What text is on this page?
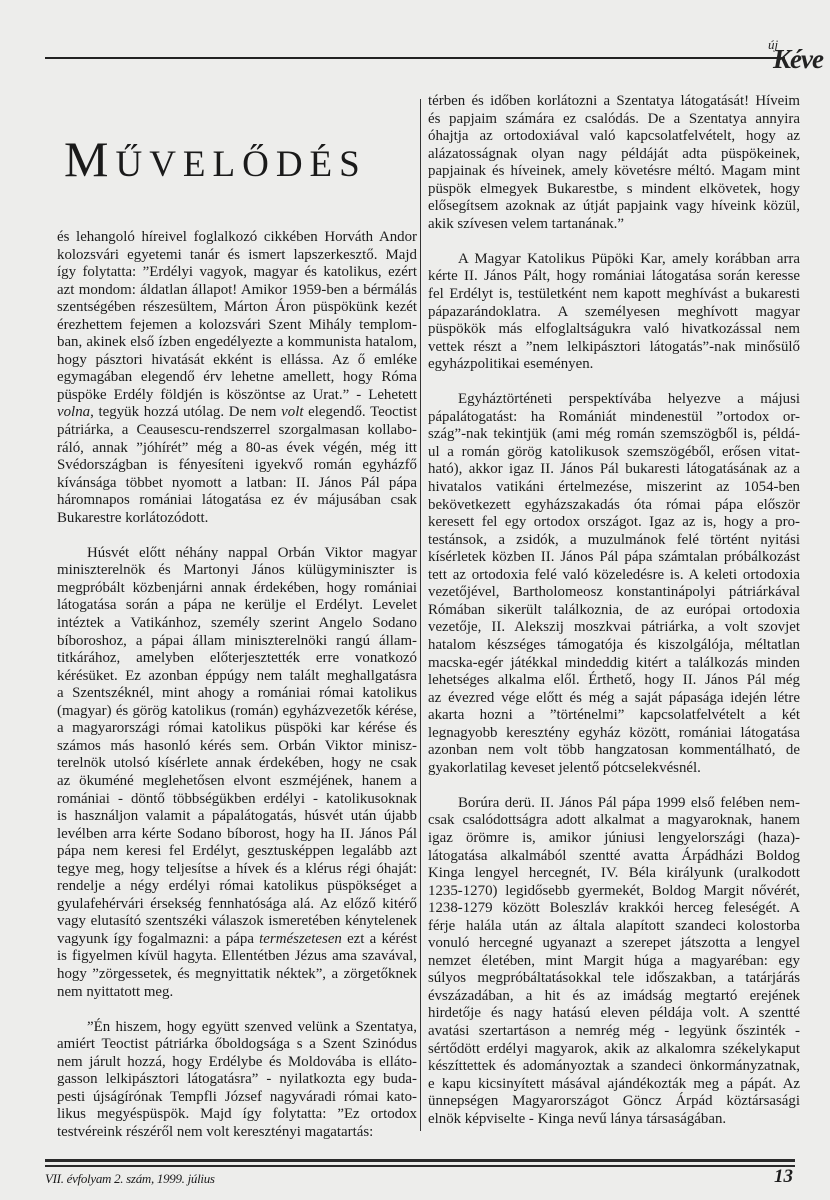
új
Kéve
MŰVELŐDÉS
és lehangoló híreivel foglalkozó cikkében Horváth Andor
kolozsvári egyetemi tanár és ismert lapszerkesztő. Majd
így folytatta: ”Erdélyi vagyok, magyar és katolikus, ezért
azt mondom: áldatlan állapot! Amikor 1959-ben a bérmálás
szentségében részesültem, Márton Áron püspökünk kezét
érezhettem fejemen a kolozsvári Szent Mihály templom-
ban, akinek első ízben engedélyezte a kommunista hatalom,
hogy pásztori hivatását ekként is ellássa. Az ő emléke
egymagában elegendő érv lehetne amellett, hogy Róma
püspöke Erdély földjén is köszöntse az Urat.” - Lehetett
volna, tegyük hozzá utólag. De nem volt elegendő. Teoctist
pátriárka, a Ceausescu-rendszerrel szorgalmasan kollabo-
ráló, annak ”jóhírét” még a 80-as évek végén, még itt
Svédországban is fényesíteni igyekvő román egyházfő
kívánsága többet nyomott a latban: II. János Pál pápa
háromnapos romániai látogatása ez év májusában csak
Bukarestre korlátozódott.
Húsvét előtt néhány nappal Orbán Viktor magyar
miniszterelnök és Martonyi János külügyminiszter is
megpróbált közbenjárni annak érdekében, hogy romániai
látogatása során a pápa ne kerülje el Erdélyt. Levelet
intéztek a Vatikánhoz, személy szerint Angelo Sodano
bíboroshoz, a pápai állam miniszterelnöki rangú állam-
titkárához, amelyben előterjesztették erre vonatkozó
kérésüket. Ez azonban éppúgy nem talált meghallgatásra
a Szentszéknél, mint ahogy a romániai római katolikus
(magyar) és görög katolikus (román) egyházvezetők kérése,
a magyarországi római katolikus püspöki kar kérése és
számos más hasonló kérés sem. Orbán Viktor minisz-
terelnök utolsó kísérlete annak érdekében, hogy ne csak
az ökuméné meglehetősen elvont eszméjének, hanem a
romániai - döntő többségükben erdélyi - katolikusoknak
is használjon valamit a pápalátogatás, húsvét után újabb
levélben arra kérte Sodano bíborost, hogy ha II. János Pál
pápa nem keresi fel Erdélyt, gesztusképpen legalább azt
tegye meg, hogy teljesítse a hívek és a klérus régi óhaját:
rendelje a négy erdélyi római katolikus püspökséget a
gyulafehérvári érsekség fennhatósága alá. Az előző kitérő
vagy elutasító szentszéki válaszok ismeretében kénytelenek
vagyunk így fogalmazni: a pápa természetesen ezt a kérést
is figyelmen kívül hagyta. Ellentétben Jézus ama szavával,
hogy ”zörgessetek, és megnyittatik néktek”, a zörgetőknek
nem nyittatott meg.
”Én hiszem, hogy együtt szenved velünk a Szentatya,
amiért Teoctist pátriárka őboldogsága s a Szent Szinódus
nem járult hozzá, hogy Erdélybe és Moldovába is elláto-
gasson lelkipásztori látogatásra” - nyilatkozta egy buda-
pesti újságírónak Tempfli József nagyváradi római kato-
likus megyéspüspök. Majd így folytatta: ”Ez ortodox
testvéreink részéről nem volt keresztényi magatartás:
térben és időben korlátozni a Szentatya látogatását! Híveim
és papjaim számára ez csalódás. De a Szentatya annyira
óhajtja az ortodoxiával való kapcsolatfelvételt, hogy az
alázatosságnak olyan nagy példáját adta püspökeinek,
papjainak és híveinek, amely követésre méltó. Magam mint
püspök elmegyek Bukarestbe, s mindent elkövetek, hogy
elősegítsem azoknak az útját papjaink vagy híveink közül,
akik szívesen velem tartanának.”
A Magyar Katolikus Püpöki Kar, amely korábban arra
kérte II. János Pált, hogy romániai látogatása során keresse
fel Erdélyt is, testületként nem kapott meghívást a bukaresti
pápazarándoklatra. A személyesen meghívott magyar
püspökök más elfoglaltságukra való hivatkozással nem
vettek részt a ”nem lelkipásztori látogatás”-nak minősülő
egyházpolitikai eseményen.
Egyháztörténeti perspektívába helyezve a májusi
pápalátogatást: ha Romániát mindenestül ”ortodox or-
szág”-nak tekintjük (ami még román szemszögből is, példá-
ul a román görög katolikusok szemszögéből, erősen vitat-
ható), akkor igaz II. János Pál bukaresti látogatásának az a
hivatalos vatikáni értelmezése, miszerint az 1054-ben
bekövetkezett egyházszakadás óta római pápa először
keresett fel egy ortodox országot. Igaz az is, hogy a pro-
testánsok, a zsidók, a muzulmánok felé történt nyitási
kísérletek közben II. János Pál pápa számtalan próbálkozást
tett az ortodoxia felé való közeledésre is. A keleti ortodoxia
vezetőjével, Bartholomeosz konstantinápolyi pátriárkával
Rómában sikerült találkoznia, de az európai ortodoxia
vezetője, II. Alekszij moszkvai pátriárka, a volt szovjet
hatalom készséges támogatója és kiszolgálója, méltatlan
macska-egér játékkal mindeddig kitért a találkozás minden
lehetséges alkalma elől. Érthető, hogy II. János Pál még
az évezred vége előtt és még a saját pápasága idején létre
akarta hozni a ”történelmi” kapcsolatfelvételt a két
legnagyobb keresztény egyház között, romániai látogatása
azonban nem volt több hangzatosan kommentálható, de
gyakorlatilag keveset jelentő pótcselekvésnél.
Borúra derü. II. János Pál pápa 1999 első felében nem-
csak csalódottságra adott alkalmat a magyaroknak, hanem
igaz örömre is, amikor júniusi lengyelországi (haza)-
látogatása alkalmából szentté avatta Árpádházi Boldog
Kinga lengyel hercegnét, IV. Béla királyunk (uralkodott
1235-1270) legidősebb gyermekét, Boldog Margit nővérét,
1238-1279 között Boleszláv krakkói herceg feleségét. A
férje halála után az általa alapított szandeci kolostorba
vonuló hercegné ugyanazt a szerepet játszotta a lengyel
nemzet életében, mint Margit húga a magyaréban: egy
súlyos megpróbáltatásokkal tele időszakban, a tatárjárás
évszázadában, a hit és az imádság megtartó erejének
hirdetője és nagy hatású eleven példája volt. A szentté
avatási szertartáson a nemrég még - legyünk őszinték -
sértődött erdélyi magyarok, akik az alkalomra székelykaput
készíttettek és adományoztak a szandeci önkormányzatnak,
e kapu kicsinyített másával ajándékozták meg a pápát. Az
ünnepségen Magyarországot Göncz Árpád köztársasági
elnök képviselte - Kinga nevű lánya társaságában.
VII. évfolyam 2. szám, 1999. július	13
